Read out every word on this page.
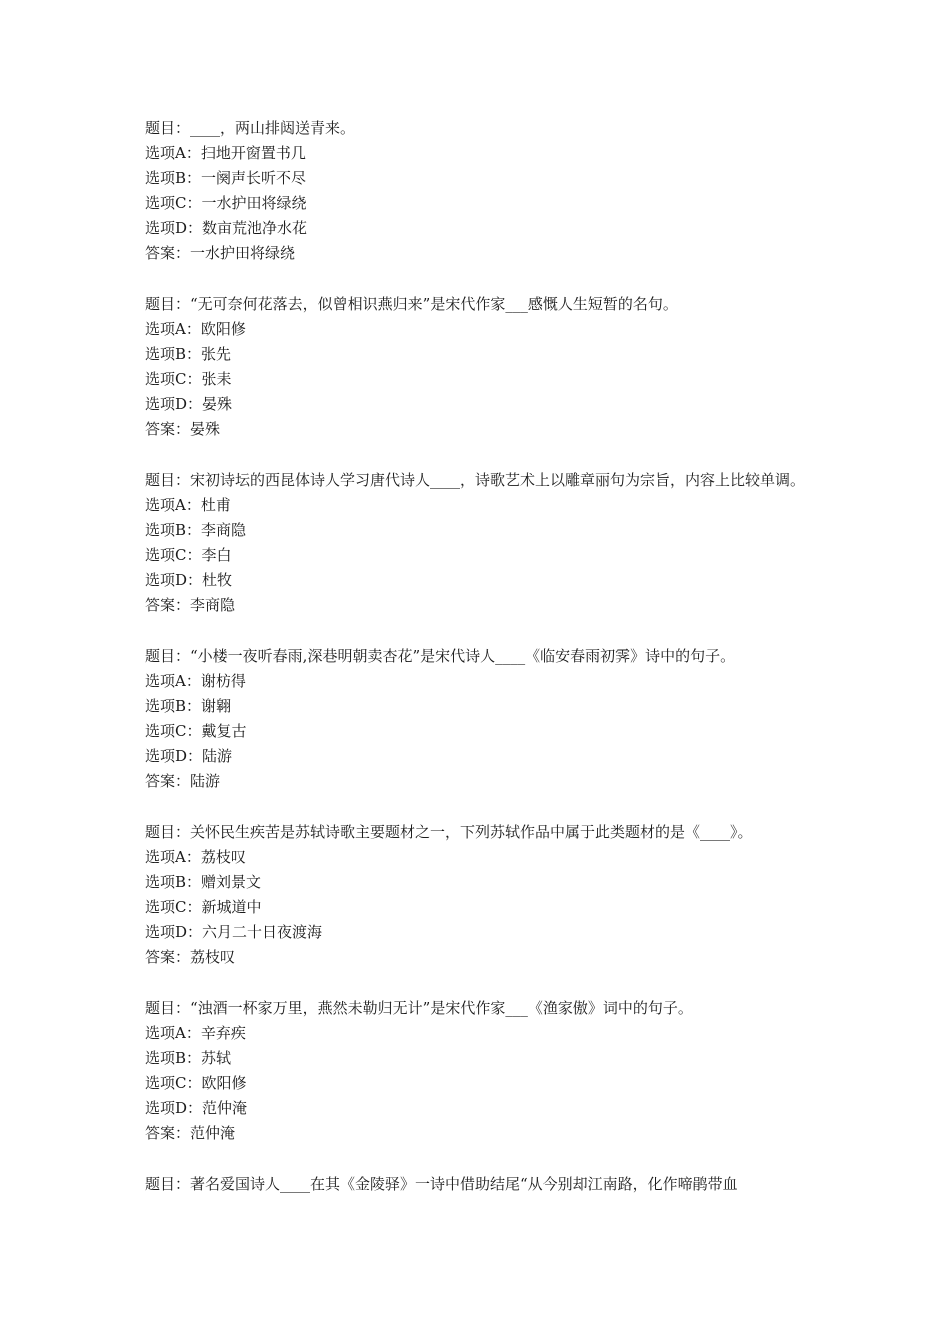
题目：____，两山排闼送青来。
选项A：扫地开窗置书几
选项B：一阕声长听不尽
选项C：一水护田将绿绕
选项D：数亩荒池净水花
答案：一水护田将绿绕
题目：“无可奈何花落去，似曾相识燕归来”是宋代作家___感慨人生短暂的名句。
选项A：欧阳修
选项B：张先
选项C：张耒
选项D：晏殊
答案：晏殊
题目：宋初诗坛的西昆体诗人学习唐代诗人____，诗歌艺术上以雕章丽句为宗旨，内容上比较单调。
选项A：杜甫
选项B：李商隐
选项C：李白
选项D：杜牧
答案：李商隐
题目：“小楼一夜听春雨,深巷明朝卖杏花”是宋代诗人____《临安春雨初霁》诗中的句子。
选项A：谢枋得
选项B：谢翱
选项C：戴复古
选项D：陆游
答案：陆游
题目：关怀民生疾苦是苏轼诗歌主要题材之一，下列苏轼作品中属于此类题材的是《____》。
选项A：荔枝叹
选项B：赠刘景文
选项C：新城道中
选项D：六月二十日夜渡海
答案：荔枝叹
题目：“浊酒一杯家万里，燕然未勒归无计”是宋代作家___《渔家傲》词中的句子。
选项A：辛弃疾
选项B：苏轼
选项C：欧阳修
选项D：范仲淹
答案：范仲淹
题目：著名爱国诗人____在其《金陵驿》一诗中借助结尾“从今别却江南路，化作啼鹃带血
